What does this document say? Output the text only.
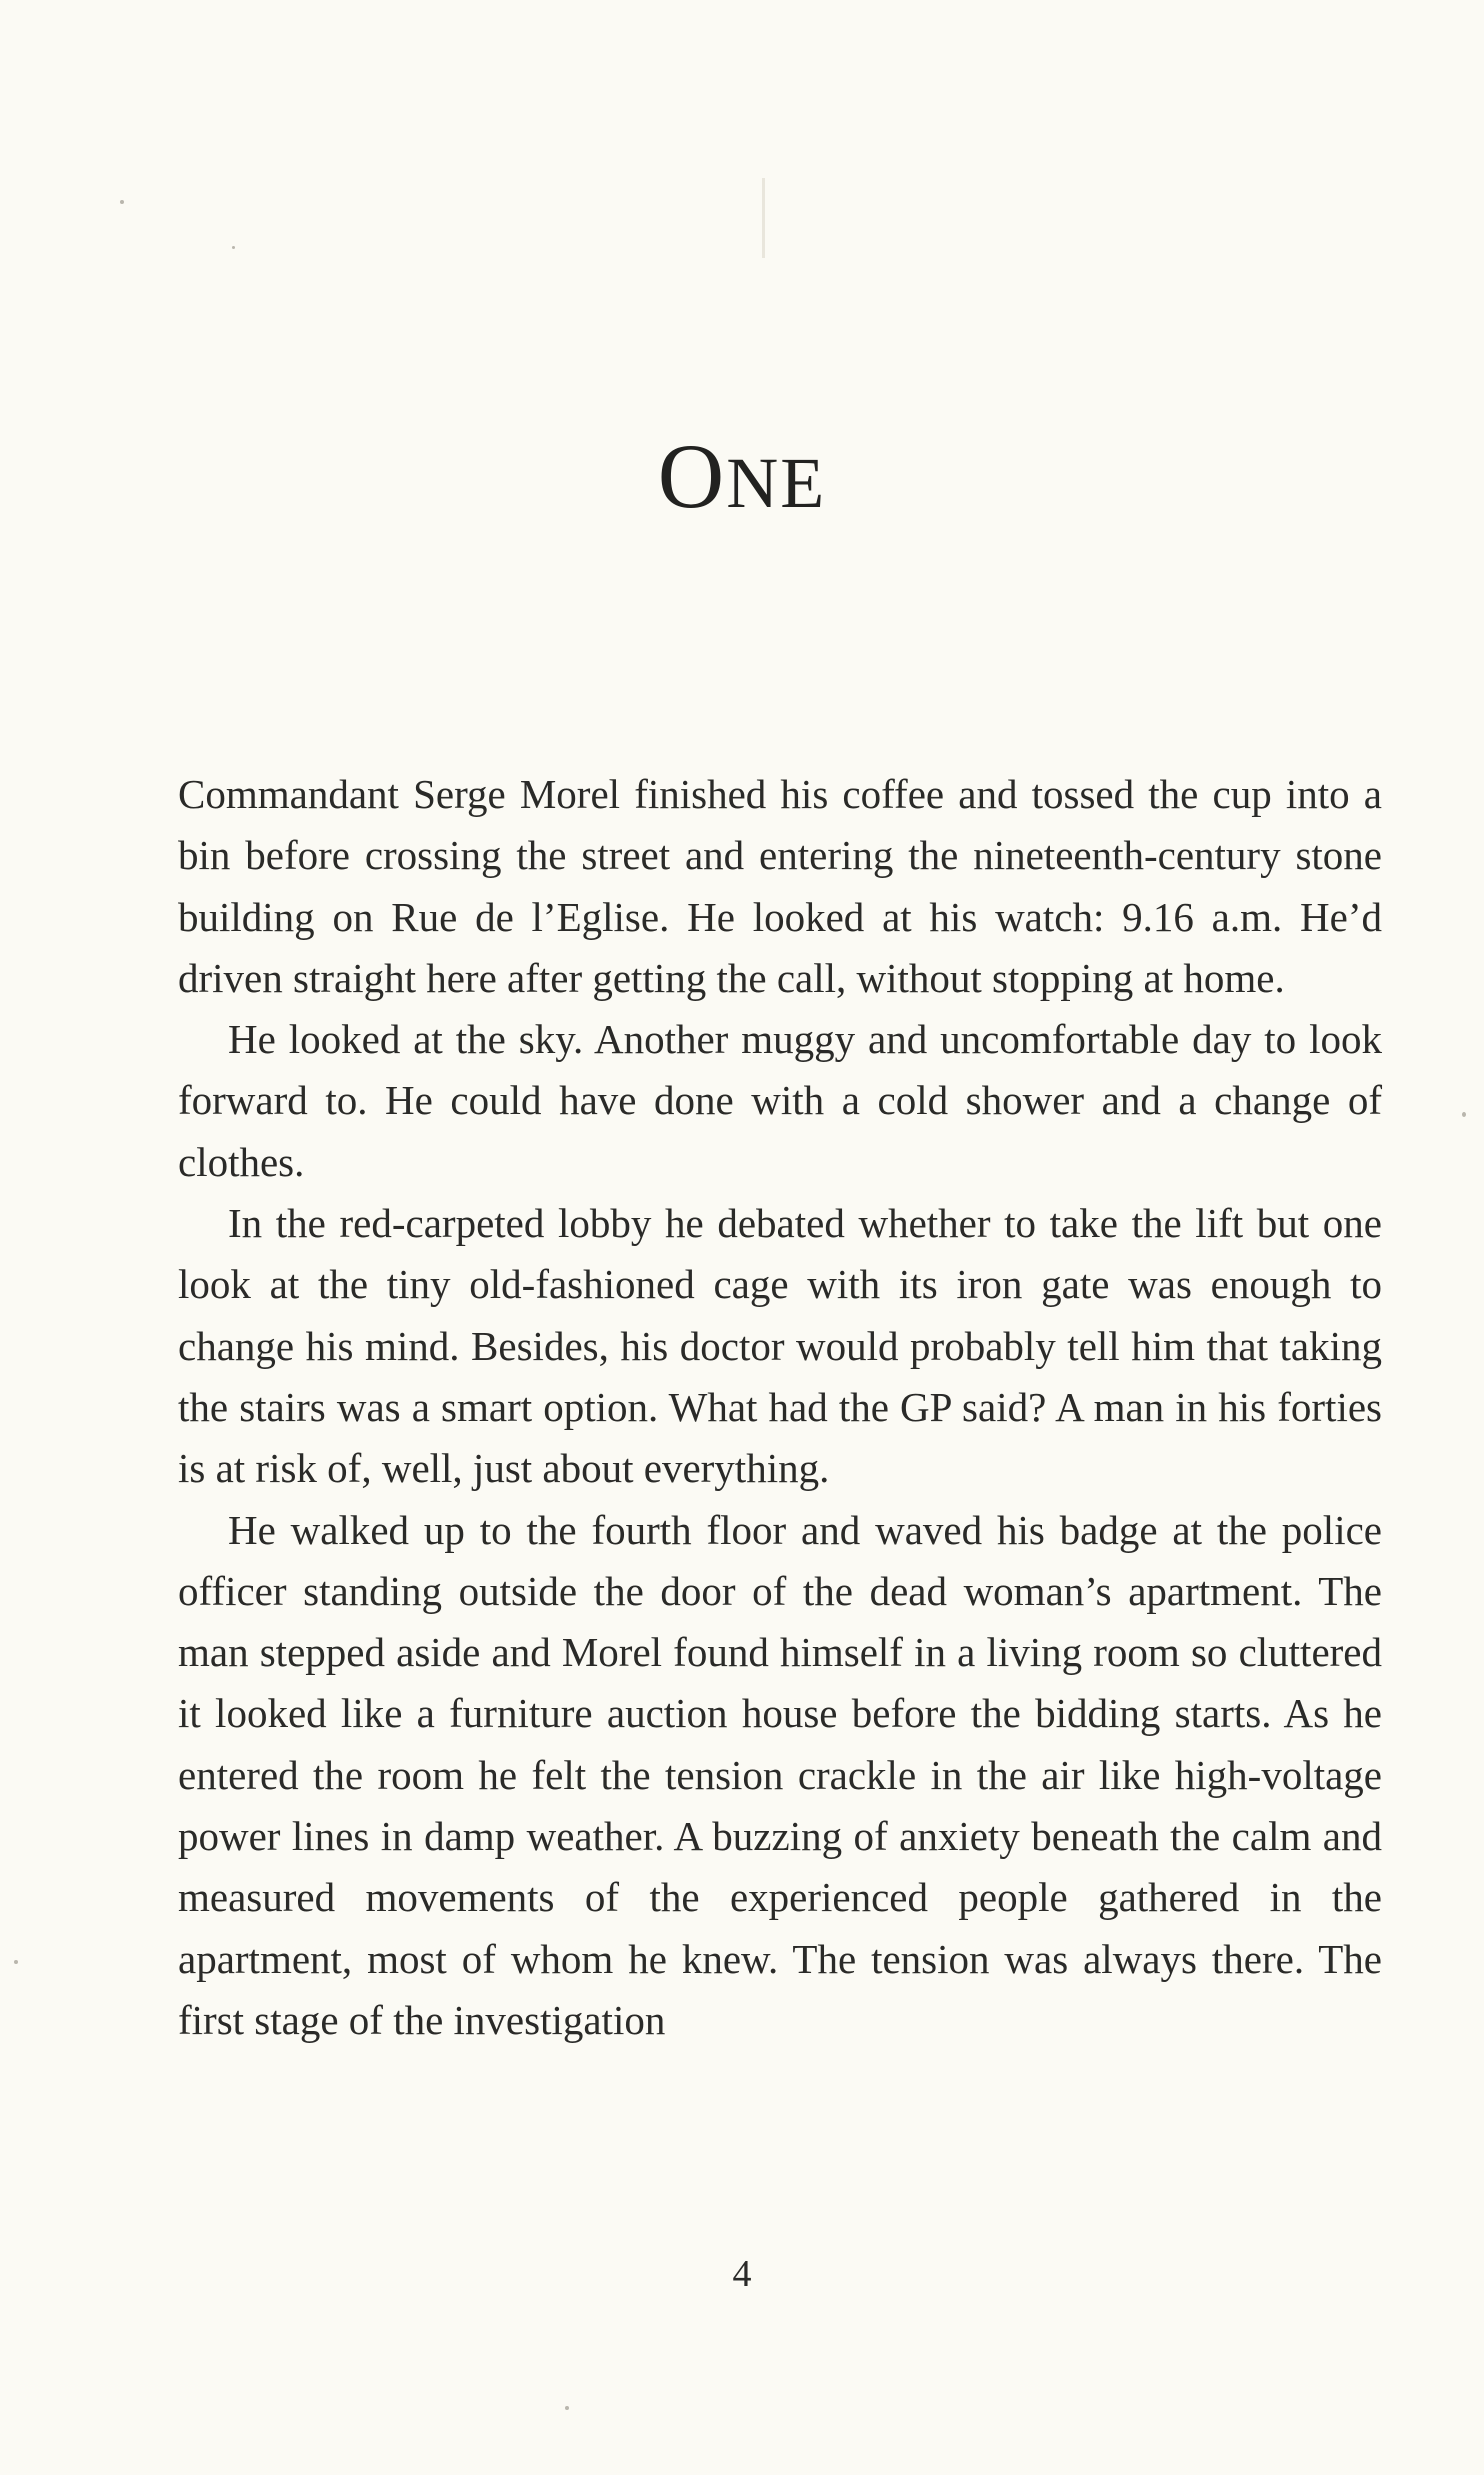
ONE

Commandant Serge Morel finished his coffee and tossed the cup into a bin before crossing the street and entering the nineteenth-century stone building on Rue de l’Eglise. He looked at his watch: 9.16 a.m. He’d driven straight here after getting the call, without stopping at home.

He looked at the sky. Another muggy and uncomfortable day to look forward to. He could have done with a cold shower and a change of clothes.

In the red-carpeted lobby he debated whether to take the lift but one look at the tiny old-fashioned cage with its iron gate was enough to change his mind. Besides, his doctor would probably tell him that taking the stairs was a smart option. What had the GP said? A man in his forties is at risk of, well, just about everything.

He walked up to the fourth floor and waved his badge at the police officer standing outside the door of the dead woman’s apartment. The man stepped aside and Morel found himself in a living room so cluttered it looked like a furniture auction house before the bidding starts. As he entered the room he felt the tension crackle in the air like high-voltage power lines in damp weather. A buzzing of anxiety beneath the calm and measured movements of the experienced people gathered in the apartment, most of whom he knew. The tension was always there. The first stage of the investigation

4
